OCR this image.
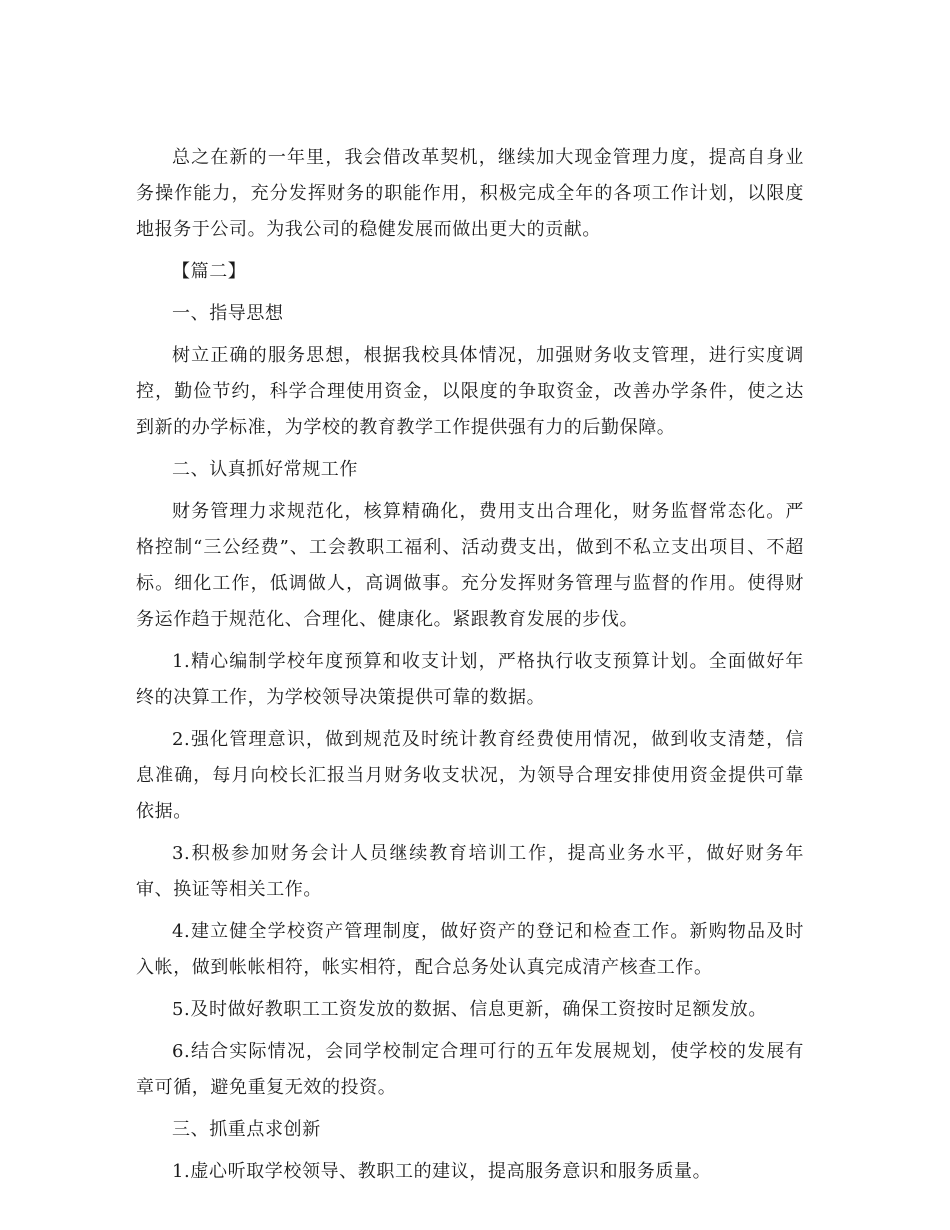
总之在新的一年里，我会借改革契机，继续加大现金管理力度，提高自身业务操作能力，充分发挥财务的职能作用，积极完成全年的各项工作计划，以限度地报务于公司。为我公司的稳健发展而做出更大的贡献。

【篇二】

一、指导思想

树立正确的服务思想，根据我校具体情况，加强财务收支管理，进行实度调控，勤俭节约，科学合理使用资金，以限度的争取资金，改善办学条件，使之达到新的办学标准，为学校的教育教学工作提供强有力的后勤保障。

二、认真抓好常规工作

财务管理力求规范化，核算精确化，费用支出合理化，财务监督常态化。严格控制“三公经费”、工会教职工福利、活动费支出，做到不私立支出项目、不超标。细化工作，低调做人，高调做事。充分发挥财务管理与监督的作用。使得财务运作趋于规范化、合理化、健康化。紧跟教育发展的步伐。

1.精心编制学校年度预算和收支计划，严格执行收支预算计划。全面做好年终的决算工作，为学校领导决策提供可靠的数据。

2.强化管理意识，做到规范及时统计教育经费使用情况，做到收支清楚，信息准确，每月向校长汇报当月财务收支状况，为领导合理安排使用资金提供可靠依据。

3.积极参加财务会计人员继续教育培训工作，提高业务水平，做好财务年审、换证等相关工作。

4.建立健全学校资产管理制度，做好资产的登记和检查工作。新购物品及时入帐，做到帐帐相符，帐实相符，配合总务处认真完成清产核查工作。

5.及时做好教职工工资发放的数据、信息更新，确保工资按时足额发放。

6.结合实际情况，会同学校制定合理可行的五年发展规划，使学校的发展有章可循，避免重复无效的投资。

三、抓重点求创新

1.虚心听取学校领导、教职工的建议，提高服务意识和服务质量。
